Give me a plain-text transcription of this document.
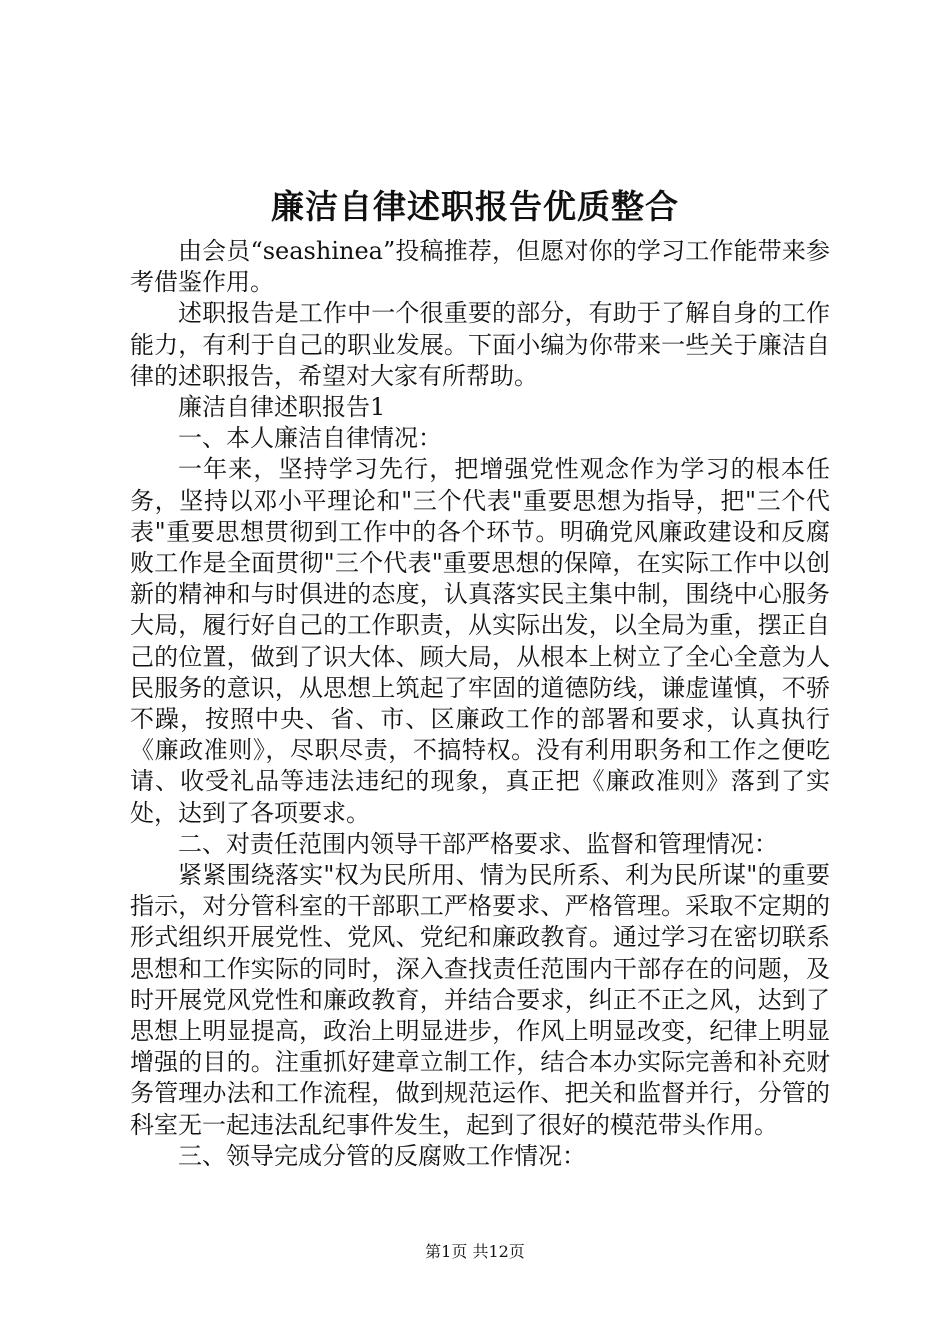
廉洁自律述职报告优质整合

由会员“seashinea”投稿推荐，但愿对你的学习工作能带来参考借鉴作用。

述职报告是工作中一个很重要的部分，有助于了解自身的工作能力，有利于自己的职业发展。下面小编为你带来一些关于廉洁自律的述职报告，希望对大家有所帮助。

廉洁自律述职报告1

一、本人廉洁自律情况：

一年来，坚持学习先行，把增强党性观念作为学习的根本任务，坚持以邓小平理论和"三个代表"重要思想为指导，把"三个代表"重要思想贯彻到工作中的各个环节。明确党风廉政建设和反腐败工作是全面贯彻"三个代表"重要思想的保障，在实际工作中以创新的精神和与时俱进的态度，认真落实民主集中制，围绕中心服务大局，履行好自己的工作职责，从实际出发，以全局为重，摆正自己的位置，做到了识大体、顾大局，从根本上树立了全心全意为人民服务的意识，从思想上筑起了牢固的道德防线，谦虚谨慎，不骄不躁，按照中央、省、市、区廉政工作的部署和要求，认真执行《廉政准则》，尽职尽责，不搞特权。没有利用职务和工作之便吃请、收受礼品等违法违纪的现象，真正把《廉政准则》落到了实处，达到了各项要求。

二、对责任范围内领导干部严格要求、监督和管理情况：

紧紧围绕落实"权为民所用、情为民所系、利为民所谋"的重要指示，对分管科室的干部职工严格要求、严格管理。采取不定期的形式组织开展党性、党风、党纪和廉政教育。通过学习在密切联系思想和工作实际的同时，深入查找责任范围内干部存在的问题，及时开展党风党性和廉政教育，并结合要求，纠正不正之风，达到了思想上明显提高，政治上明显进步，作风上明显改变，纪律上明显增强的目的。注重抓好建章立制工作，结合本办实际完善和补充财务管理办法和工作流程，做到规范运作、把关和监督并行，分管的科室无一起违法乱纪事件发生，起到了很好的模范带头作用。

三、领导完成分管的反腐败工作情况：

第1页 共12页
